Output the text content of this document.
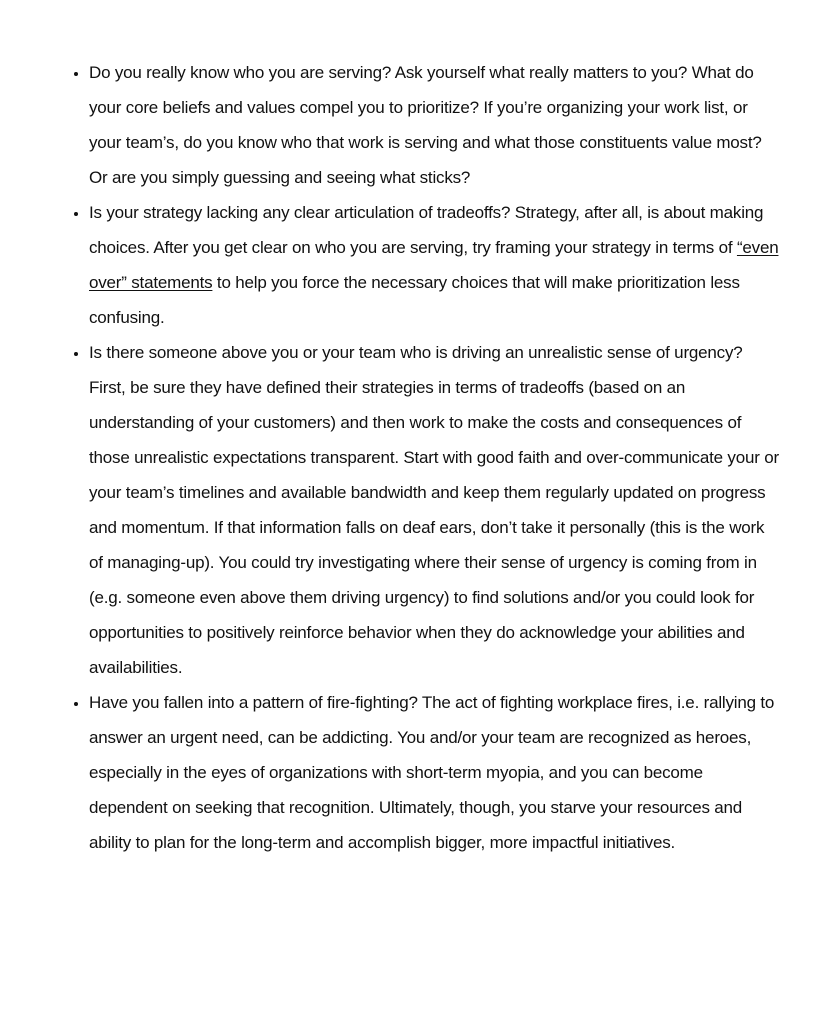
• Do you really know who you are serving? Ask yourself what really matters to you? What do your core beliefs and values compel you to prioritize? If you’re organizing your work list, or your team’s, do you know who that work is serving and what those constituents value most? Or are you simply guessing and seeing what sticks?
• Is your strategy lacking any clear articulation of tradeoffs? Strategy, after all, is about making choices. After you get clear on who you are serving, try framing your strategy in terms of “even over” statements to help you force the necessary choices that will make prioritization less confusing.
• Is there someone above you or your team who is driving an unrealistic sense of urgency? First, be sure they have defined their strategies in terms of tradeoffs (based on an understanding of your customers) and then work to make the costs and consequences of those unrealistic expectations transparent. Start with good faith and over-communicate your or your team’s timelines and available bandwidth and keep them regularly updated on progress and momentum. If that information falls on deaf ears, don’t take it personally (this is the work of managing-up). You could try investigating where their sense of urgency is coming from in (e.g. someone even above them driving urgency) to find solutions and/or you could look for opportunities to positively reinforce behavior when they do acknowledge your abilities and availabilities.
• Have you fallen into a pattern of fire-fighting? The act of fighting workplace fires, i.e. rallying to answer an urgent need, can be addicting. You and/or your team are recognized as heroes, especially in the eyes of organizations with short-term myopia, and you can become dependent on seeking that recognition. Ultimately, though, you starve your resources and ability to plan for the long-term and accomplish bigger, more impactful initiatives.
